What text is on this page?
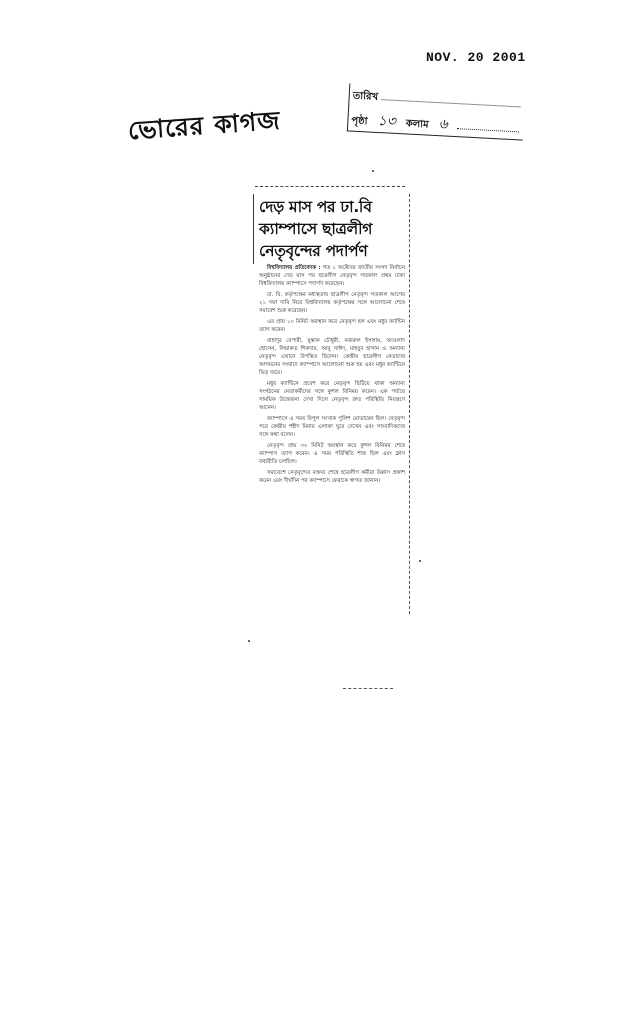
NOV. 20 2001
ভোরের কাগজ
তারিখ
পৃষ্ঠা ১৩ কলাম ৬
দেড় মাস পর ঢা.বি
ক্যাম্পাসে ছাত্রলীগ
নেতৃবৃন্দের পদার্পণ

বিশ্ববিদ্যালয় প্রতিবেদক : গত ১ অক্টোবর জাতীয় সংসদ নির্বাচন অনুষ্ঠানের দেড় মাস পর ছাত্রলীগ নেতৃবৃন্দ গতকাল প্রথম ঢাকা বিশ্ববিদ্যালয় ক্যাম্পাসে পদার্পণ করেছেন।

ঢা. বি. কর্তৃপক্ষের মধ্যস্থতায় ছাত্রলীগ নেতৃবৃন্দ গতকাল আগের ২১ দফা দাবি নিয়ে বিশ্ববিদ্যালয় কর্তৃপক্ষের সঙ্গে আলোচনা শেষে সমাবেশ শুরু করেছেন।

এর প্রায় ১০ মিনিট অবস্থান করে নেতৃবৃন্দ হল এবং মধুর ক্যান্টিন ত্যাগ করেন।

বাহাদুর বেপারী, মুস্তাক চৌধুরী, নজরুল ইসলাম, আওলাদ হোসেন, লিয়াকত শিকদার, আবু সাঈদ, মাহবুব হাসান ও অন্যান্য নেতৃবৃন্দ এখানে উপস্থিত ছিলেন। কেন্দ্রীয় ছাত্রলীগ নেতাদের আগমনের সংবাদে ক্যাম্পাসে আলোচনা শুরু হয় এবং মধুর ক্যান্টিনে ভিড় জমে।

মধুর ক্যান্টিনে প্রবেশ করে নেতৃবৃন্দ ছিটিয়ে থাকা অন্যান্য সংগঠনের নেতাকর্মীদের সঙ্গে কুশল বিনিময় করেন। এক পর্যায়ে সাময়িক উত্তেজনা দেখা দিলে নেতৃবৃন্দ দ্রুত পরিস্থিতি নিয়ন্ত্রণে আনেন।

ক্যাম্পাসে এ সময় বিপুল সংখ্যক পুলিশ মোতায়েন ছিল। নেতৃবৃন্দ পরে কেন্দ্রীয় শহীদ মিনার এলাকা ঘুরে দেখেন এবং সাংবাদিকদের সঙ্গে কথা বলেন।

নেতৃবৃন্দ প্রায় ৩০ মিনিট অবস্থান করে কুশল বিনিময় শেষে ক্যাম্পাস ত্যাগ করেন। এ সময় পরিস্থিতি শান্ত ছিল এবং ক্লাস যথারীতি চলছিল।

সমাবেশে নেতৃবৃন্দের বক্তব্য শেষে ছাত্রলীগ কর্মীরা উল্লাস প্রকাশ করেন এবং দীর্ঘদিন পর ক্যাম্পাসে ফেরাকে স্বাগত জানান।
